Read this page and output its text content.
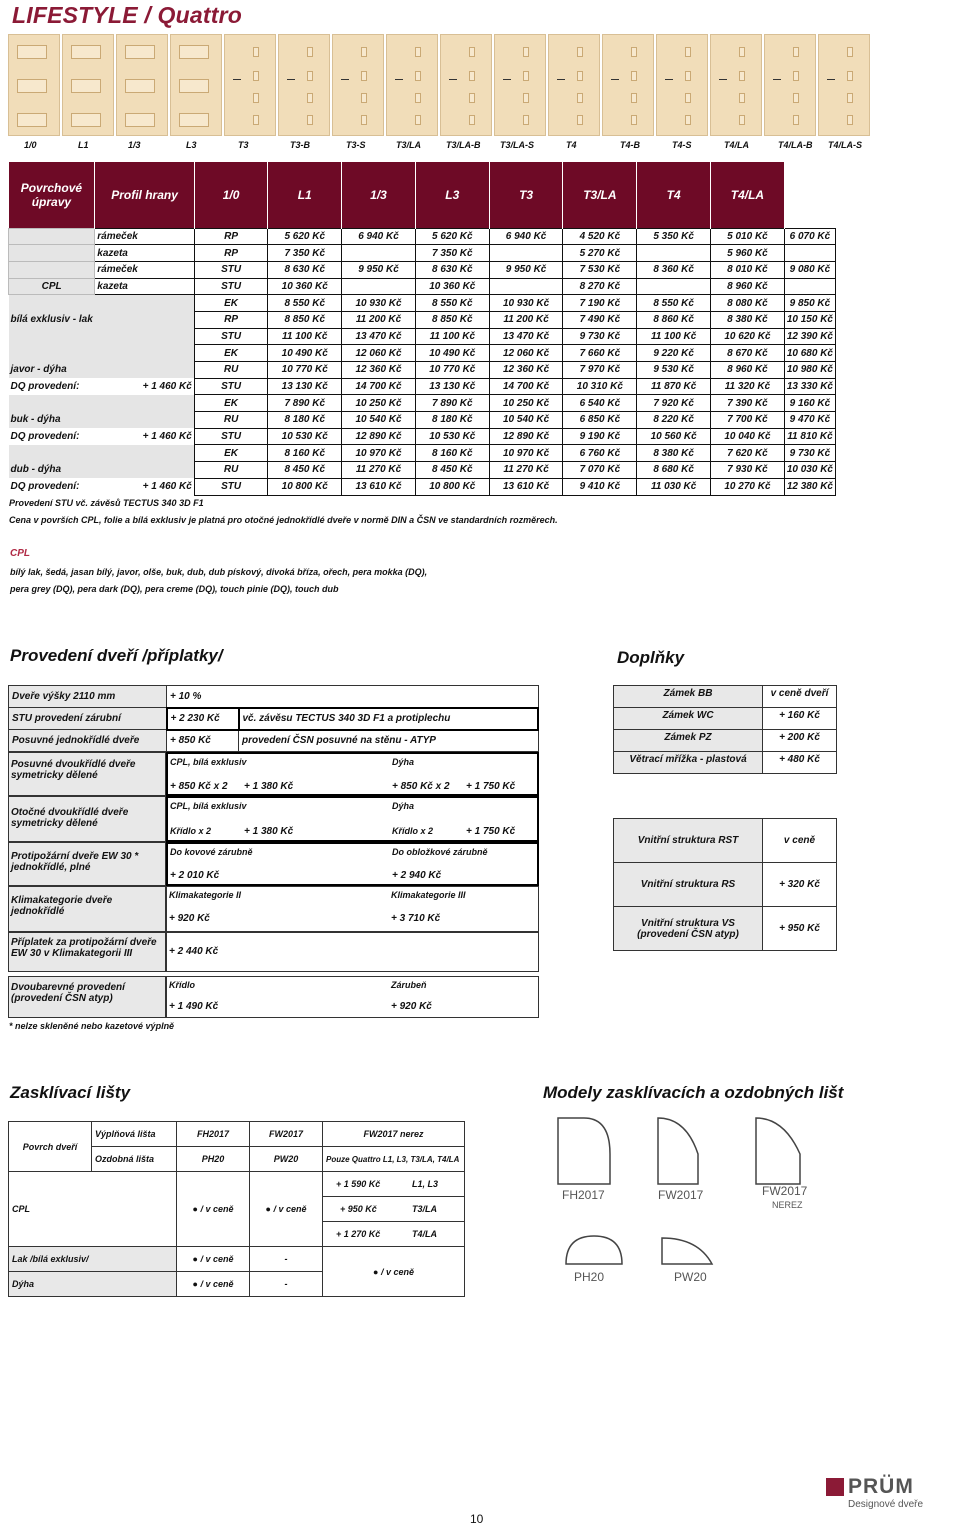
LIFESTYLE / Quattro
1/0	L1	1/3	L3	T3	T3-B	T3-S	T3/LA	T3/LA-B T3/LA-S	T4	T4-B	T4-S	T4/LA	T4/LA-B T4/LA-S
Povrchové úpravy	Profil hrany	1/0	L1	1/3	L3	T3	T3/LA	T4	T4/LA	
	rámeček	RP	5 620 Kč	6 940 Kč	5 620 Kč	6 940 Kč	4 520 Kč	5 350 Kč	5 010 Kč	6 070 Kč
	kazeta	RP	7 350 Kč		7 350 Kč		5 270 Kč		5 960 Kč	
	rámeček	STU	8 630 Kč	9 950 Kč	8 630 Kč	9 950 Kč	7 530 Kč	8 360 Kč	8 010 Kč	9 080 Kč
CPL	kazeta	STU	10 360 Kč		10 360 Kč		8 270 Kč		8 960 Kč	
		EK	8 550 Kč	10 930 Kč	8 550 Kč	10 930 Kč	7 190 Kč	8 550 Kč	8 080 Kč	9 850 Kč
bílá exklusiv - lak		RP	8 850 Kč	11 200 Kč	8 850 Kč	11 200 Kč	7 490 Kč	8 860 Kč	8 380 Kč	10 150 Kč
		STU	11 100 Kč	13 470 Kč	11 100 Kč	13 470 Kč	9 730 Kč	11 100 Kč	10 620 Kč	12 390 Kč
		EK	10 490 Kč	12 060 Kč	10 490 Kč	12 060 Kč	7 660 Kč	9 220 Kč	8 670 Kč	10 680 Kč
javor - dýha		RU	10 770 Kč	12 360 Kč	10 770 Kč	12 360 Kč	7 970 Kč	9 530 Kč	8 960 Kč	10 980 Kč
DQ provedení:	+ 1 460 Kč	STU	13 130 Kč	14 700 Kč	13 130 Kč	14 700 Kč	10 310 Kč	11 870 Kč	11 320 Kč	13 330 Kč
		EK	7 890 Kč	10 250 Kč	7 890 Kč	10 250 Kč	6 540 Kč	7 920 Kč	7 390 Kč	9 160 Kč
buk - dýha		RU	8 180 Kč	10 540 Kč	8 180 Kč	10 540 Kč	6 850 Kč	8 220 Kč	7 700 Kč	9 470 Kč
DQ provedení:	+ 1 460 Kč	STU	10 530 Kč	12 890 Kč	10 530 Kč	12 890 Kč	9 190 Kč	10 560 Kč	10 040 Kč	11 810 Kč
		EK	8 160 Kč	10 970 Kč	8 160 Kč	10 970 Kč	6 760 Kč	8 380 Kč	7 620 Kč	9 730 Kč
dub - dýha		RU	8 450 Kč	11 270 Kč	8 450 Kč	11 270 Kč	7 070 Kč	8 680 Kč	7 930 Kč	10 030 Kč
DQ provedení:	+ 1 460 Kč	STU	10 800 Kč	13 610 Kč	10 800 Kč	13 610 Kč	9 410 Kč	11 030 Kč	10 270 Kč	12 380 Kč
Provedení STU vč. závěsů TECTUS 340 3D F1
Cena v površích CPL, folie a bílá exklusiv je platná pro otočné jednokřídlé dveře v normě DIN a ČSN ve standardních rozměrech.
CPL
bílý lak, šedá, jasan bílý, javor, olše, buk, dub, dub pískový, divoká bříza, ořech, pera mokka (DQ),
pera grey (DQ), pera dark (DQ), pera creme (DQ), touch pinie (DQ), touch dub
Provedení dveří /příplatky/
Dveře výšky 2110 mm	+ 10 %	
STU provedení zárubní	+ 2 230 Kč	vč. závěsu TECTUS 340 3D F1 a protiplechu
Posuvné jednokřídlé dveře	+ 850 Kč	provedení ČSN posuvné na stěnu - ATYP
Posuvné dvoukřídlé dveře symetricky dělené
CPL, bílá exklusiv	Dýha
+ 850 Kč x 2 + 1 380 Kč	+ 850 Kč x 2 + 1 750 Kč
Otočné dvoukřídlé dveře symetricky dělené
CPL, bílá exklusiv	Dýha
Křídlo x 2	+ 1 380 Kč	Křídlo x 2	+ 1 750 Kč
Protipožární dveře EW 30 * jednokřídlé, plné
Do kovové zárubně	Do obložkové zárubně
+ 2 010 Kč	+ 2 940 Kč
Klimakategorie dveře jednokřídlé
Klimakategorie II	Klimakategorie III
+ 920 Kč	+ 3 710 Kč
Příplatek za protipožární dveře EW 30 v Klimakategorii III	+ 2 440 Kč
Dvoubarevné provedení (provedení ČSN atyp)
Křídlo	Zárubeň
+ 1 490 Kč	+ 920 Kč
* nelze skleněné nebo kazetové výplně
Doplňky
Zámek BB	v ceně dveří
Zámek WC	+ 160 Kč
Zámek PZ	+ 200 Kč
Větrací mřížka - plastová	+ 480 Kč
Vnitřní struktura RST	v ceně
Vnitřní struktura RS	+ 320 Kč
Vnitřní struktura VS (provedení ČSN atyp)	+ 950 Kč
Zasklívací lišty
Povrch dveří	Výplňová lišta	FH2017	FW2017	FW2017 nerez
	Ozdobná lišta	PH20	PW20	Pouze Quattro L1, L3, T3/LA, T4/LA
CPL		● / v ceně	● / v ceně	+ 1 590 Kč L1, L3
				+ 950 Kč T3/LA
				+ 1 270 Kč T4/LA
Lak /bílá exklusiv/		● / v ceně	-	● / v ceně
Dýha		● / v ceně	-	
Modely zasklívacích a ozdobných lišt
FH2017	FW2017	FW2017
NEREZ
PH20	PW20
PRÜM
Designové dveře
10
